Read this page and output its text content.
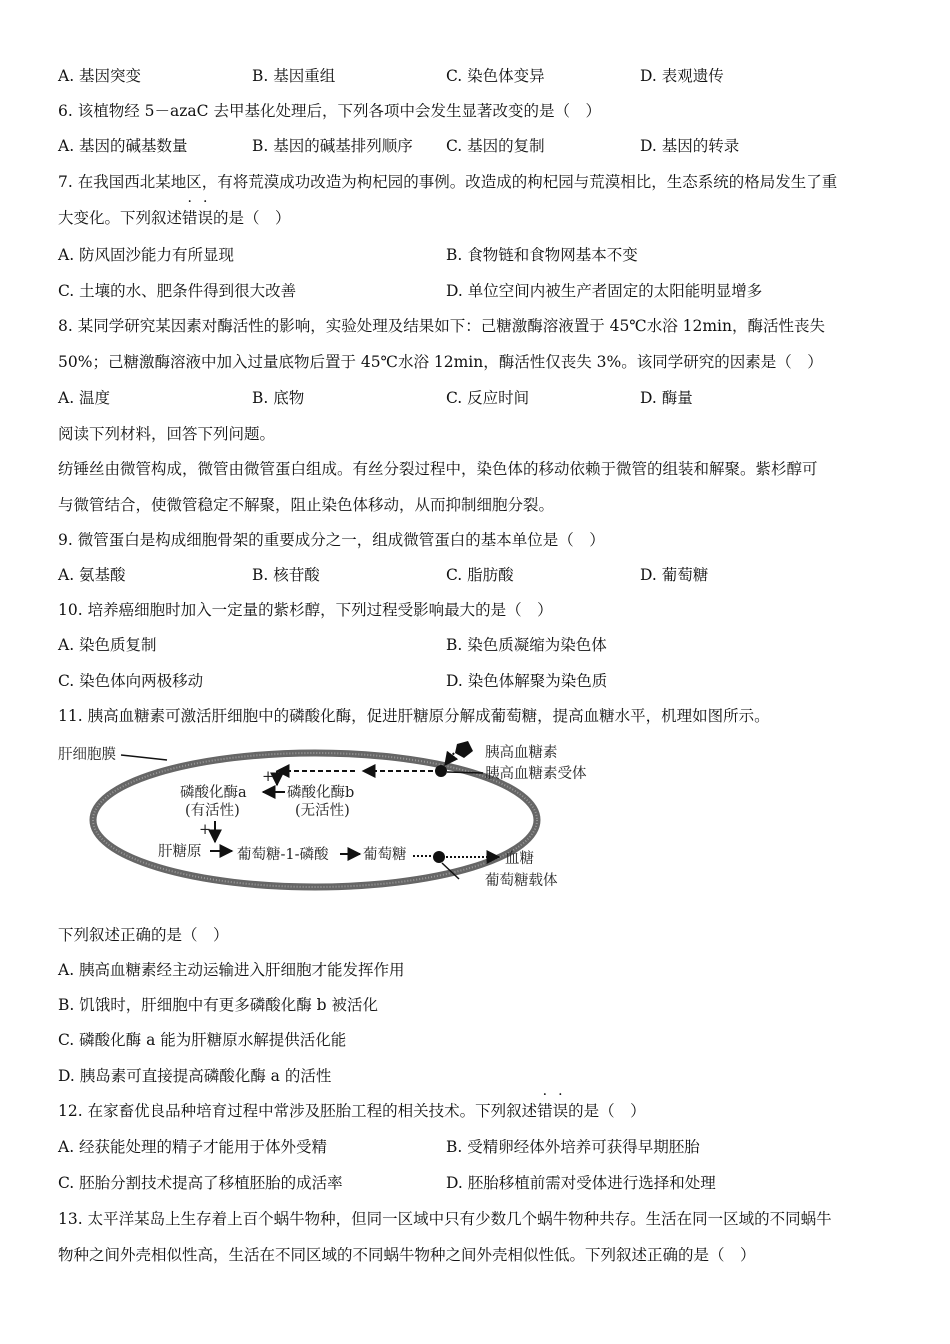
A. 基因突变	B. 基因重组	C. 染色体变异	D. 表观遗传
6. 该植物经 5－azaC 去甲基化处理后，下列各项中会发生显著改变的是（　）
A. 基因的碱基数量	B. 基因的碱基排列顺序 C. 基因的复制	D. 基因的转录
7. 在我国西北某地区，有将荒漠成功改造为枸杞园的事例。改造成的枸杞园与荒漠相比，生态系统的格局发生了重
大变化。下列叙述错误的是（　）
A. 防风固沙能力有所显现	B. 食物链和食物网基本不变
C. 土壤的水、肥条件得到很大改善	D. 单位空间内被生产者固定的太阳能明显增多
8. 某同学研究某因素对酶活性的影响，实验处理及结果如下：己糖激酶溶液置于 45℃水浴 12min，酶活性丧失
50%；己糖激酶溶液中加入过量底物后置于 45℃水浴 12min，酶活性仅丧失 3%。该同学研究的因素是（　）
A. 温度	B. 底物	C. 反应时间	D. 酶量
阅读下列材料，回答下列问题。
纺锤丝由微管构成，微管由微管蛋白组成。有丝分裂过程中，染色体的移动依赖于微管的组装和解聚。紫杉醇可
与微管结合，使微管稳定不解聚，阻止染色体移动，从而抑制细胞分裂。
9. 微管蛋白是构成细胞骨架的重要成分之一，组成微管蛋白的基本单位是（　）
A. 氨基酸	B. 核苷酸	C. 脂肪酸	D. 葡萄糖
10. 培养癌细胞时加入一定量的紫杉醇，下列过程受影响最大的是（　）
A. 染色质复制	B. 染色质凝缩为染色体
C. 染色体向两极移动	D. 染色体解聚为染色质
11. 胰高血糖素可激活肝细胞中的磷酸化酶，促进肝糖原分解成葡萄糖，提高血糖水平，机理如图所示。
肝细胞膜	胰高血糖素
胰高血糖素受体
+
磷酸化酶b
(无活性)
磷酸化酶a
(有活性)
+
肝糖原 葡萄糖-1-磷酸 葡萄糖	血糖
葡萄糖载体
下列叙述正确的是（　）
A. 胰高血糖素经主动运输进入肝细胞才能发挥作用
B. 饥饿时，肝细胞中有更多磷酸化酶 b 被活化
C. 磷酸化酶 a 能为肝糖原水解提供活化能
D. 胰岛素可直接提高磷酸化酶 a 的活性
12. 在家畜优良品种培育过程中常涉及胚胎工程的相关技术。下列叙述错误的是（　）
A. 经获能处理的精子才能用于体外受精	B. 受精卵经体外培养可获得早期胚胎
C. 胚胎分割技术提高了移植胚胎的成活率	D. 胚胎移植前需对受体进行选择和处理
13. 太平洋某岛上生存着上百个蜗牛物种，但同一区域中只有少数几个蜗牛物种共存。生活在同一区域的不同蜗牛
物种之间外壳相似性高，生活在不同区域的不同蜗牛物种之间外壳相似性低。下列叙述正确的是（　）
